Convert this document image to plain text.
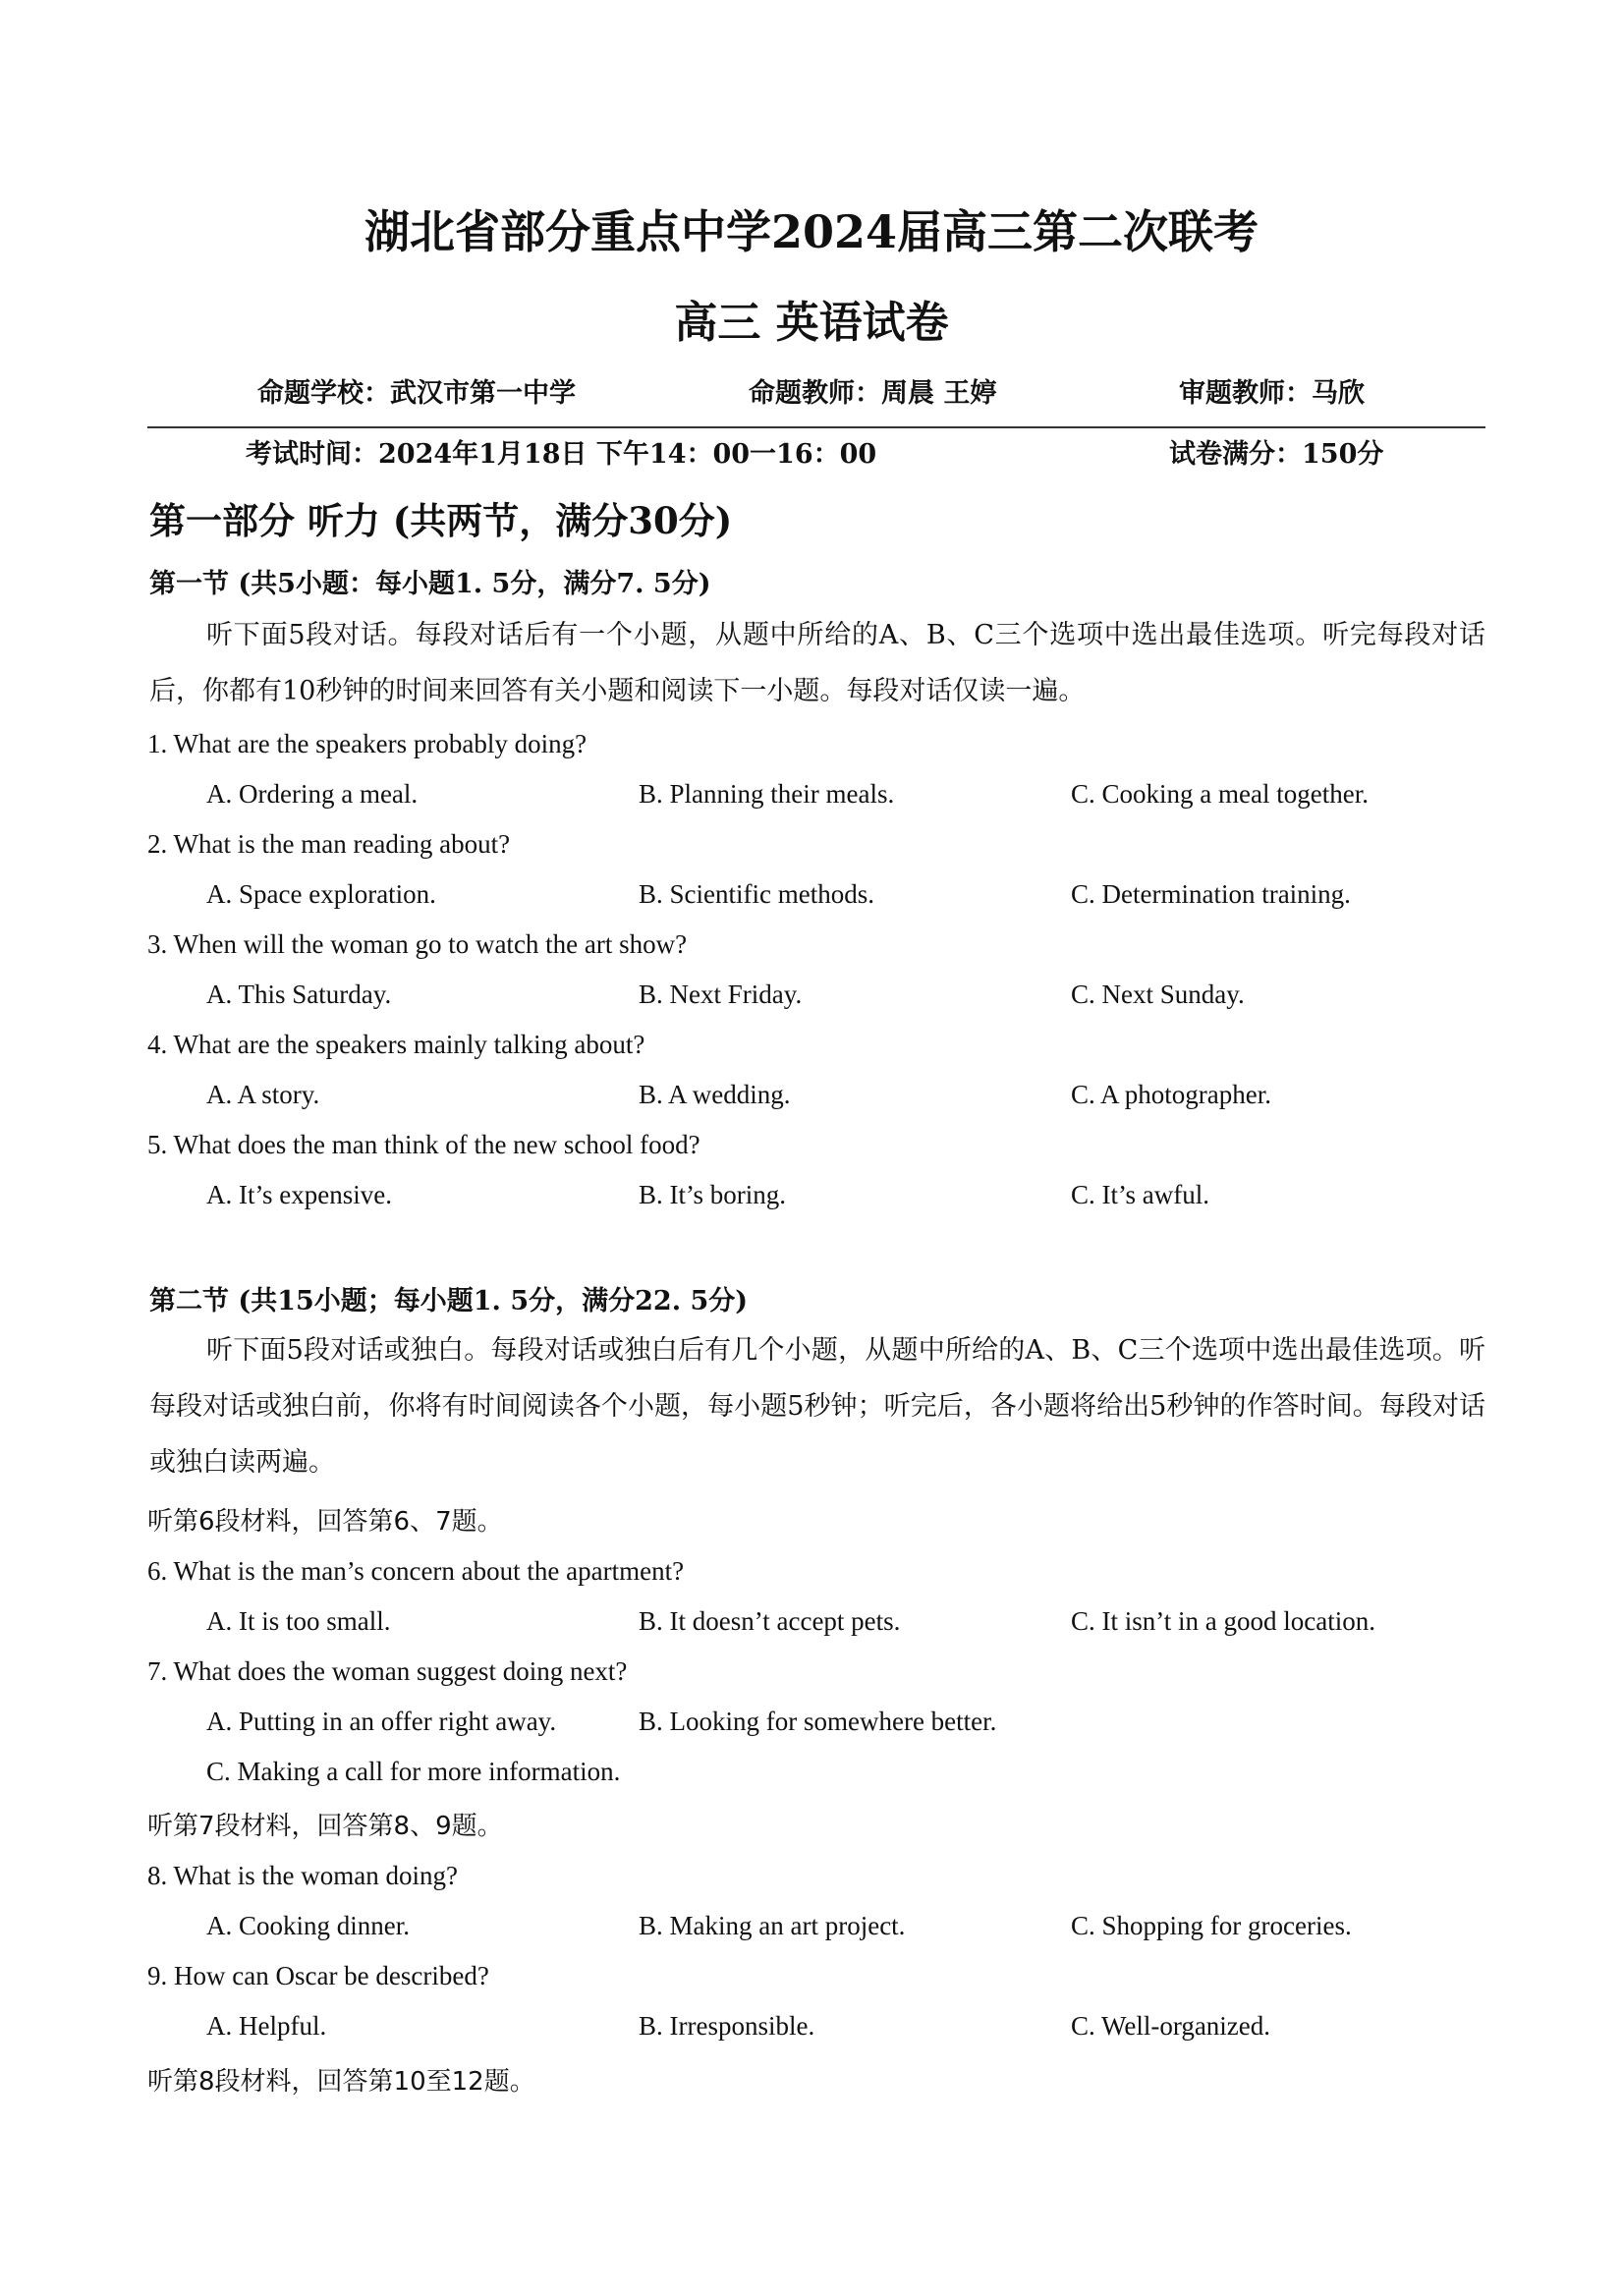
湖北省部分重点中学2024届高三第二次联考
高三 英语试卷
命题学校：武汉市第一中学	命题教师：周晨 王婷	审题教师：马欣
考试时间：2024年1月18日 下午14：00一16：00	试卷满分：150分
第一部分 听力 (共两节，满分30分)
第一节 (共5小题：每小题1. 5分，满分7. 5分)
听下面5段对话。每段对话后有一个小题，从题中所给的A、B、C三个选项中选出最佳选项。听完每段对话后，你都有10秒钟的时间来回答有关小题和阅读下一小题。每段对话仅读一遍。
1. What are the speakers probably doing?
A. Ordering a meal.	B. Planning their meals.	C. Cooking a meal together.
2. What is the man reading about?
A. Space exploration.	B. Scientific methods.	C. Determination training.
3. When will the woman go to watch the art show?
A. This Saturday.	B. Next Friday.	C. Next Sunday.
4. What are the speakers mainly talking about?
A. A story.	B. A wedding.	C. A photographer.
5. What does the man think of the new school food?
A. It’s expensive.	B. It’s boring.	C. It’s awful.
第二节 (共15小题；每小题1. 5分，满分22. 5分)
听下面5段对话或独白。每段对话或独白后有几个小题，从题中所给的A、B、C三个选项中选出最佳选项。听每段对话或独白前，你将有时间阅读各个小题，每小题5秒钟；听完后，各小题将给出5秒钟的作答时间。每段对话或独白读两遍。
听第6段材料，回答第6、7题。
6. What is the man’s concern about the apartment?
A. It is too small.	B. It doesn’t accept pets.	C. It isn’t in a good location.
7. What does the woman suggest doing next?
A. Putting in an offer right away.	B. Looking for somewhere better.
C. Making a call for more information.
听第7段材料，回答第8、9题。
8. What is the woman doing?
A. Cooking dinner.	B. Making an art project.	C. Shopping for groceries.
9. How can Oscar be described?
A. Helpful.	B. Irresponsible.	C. Well-organized.
听第8段材料，回答第10至12题。
